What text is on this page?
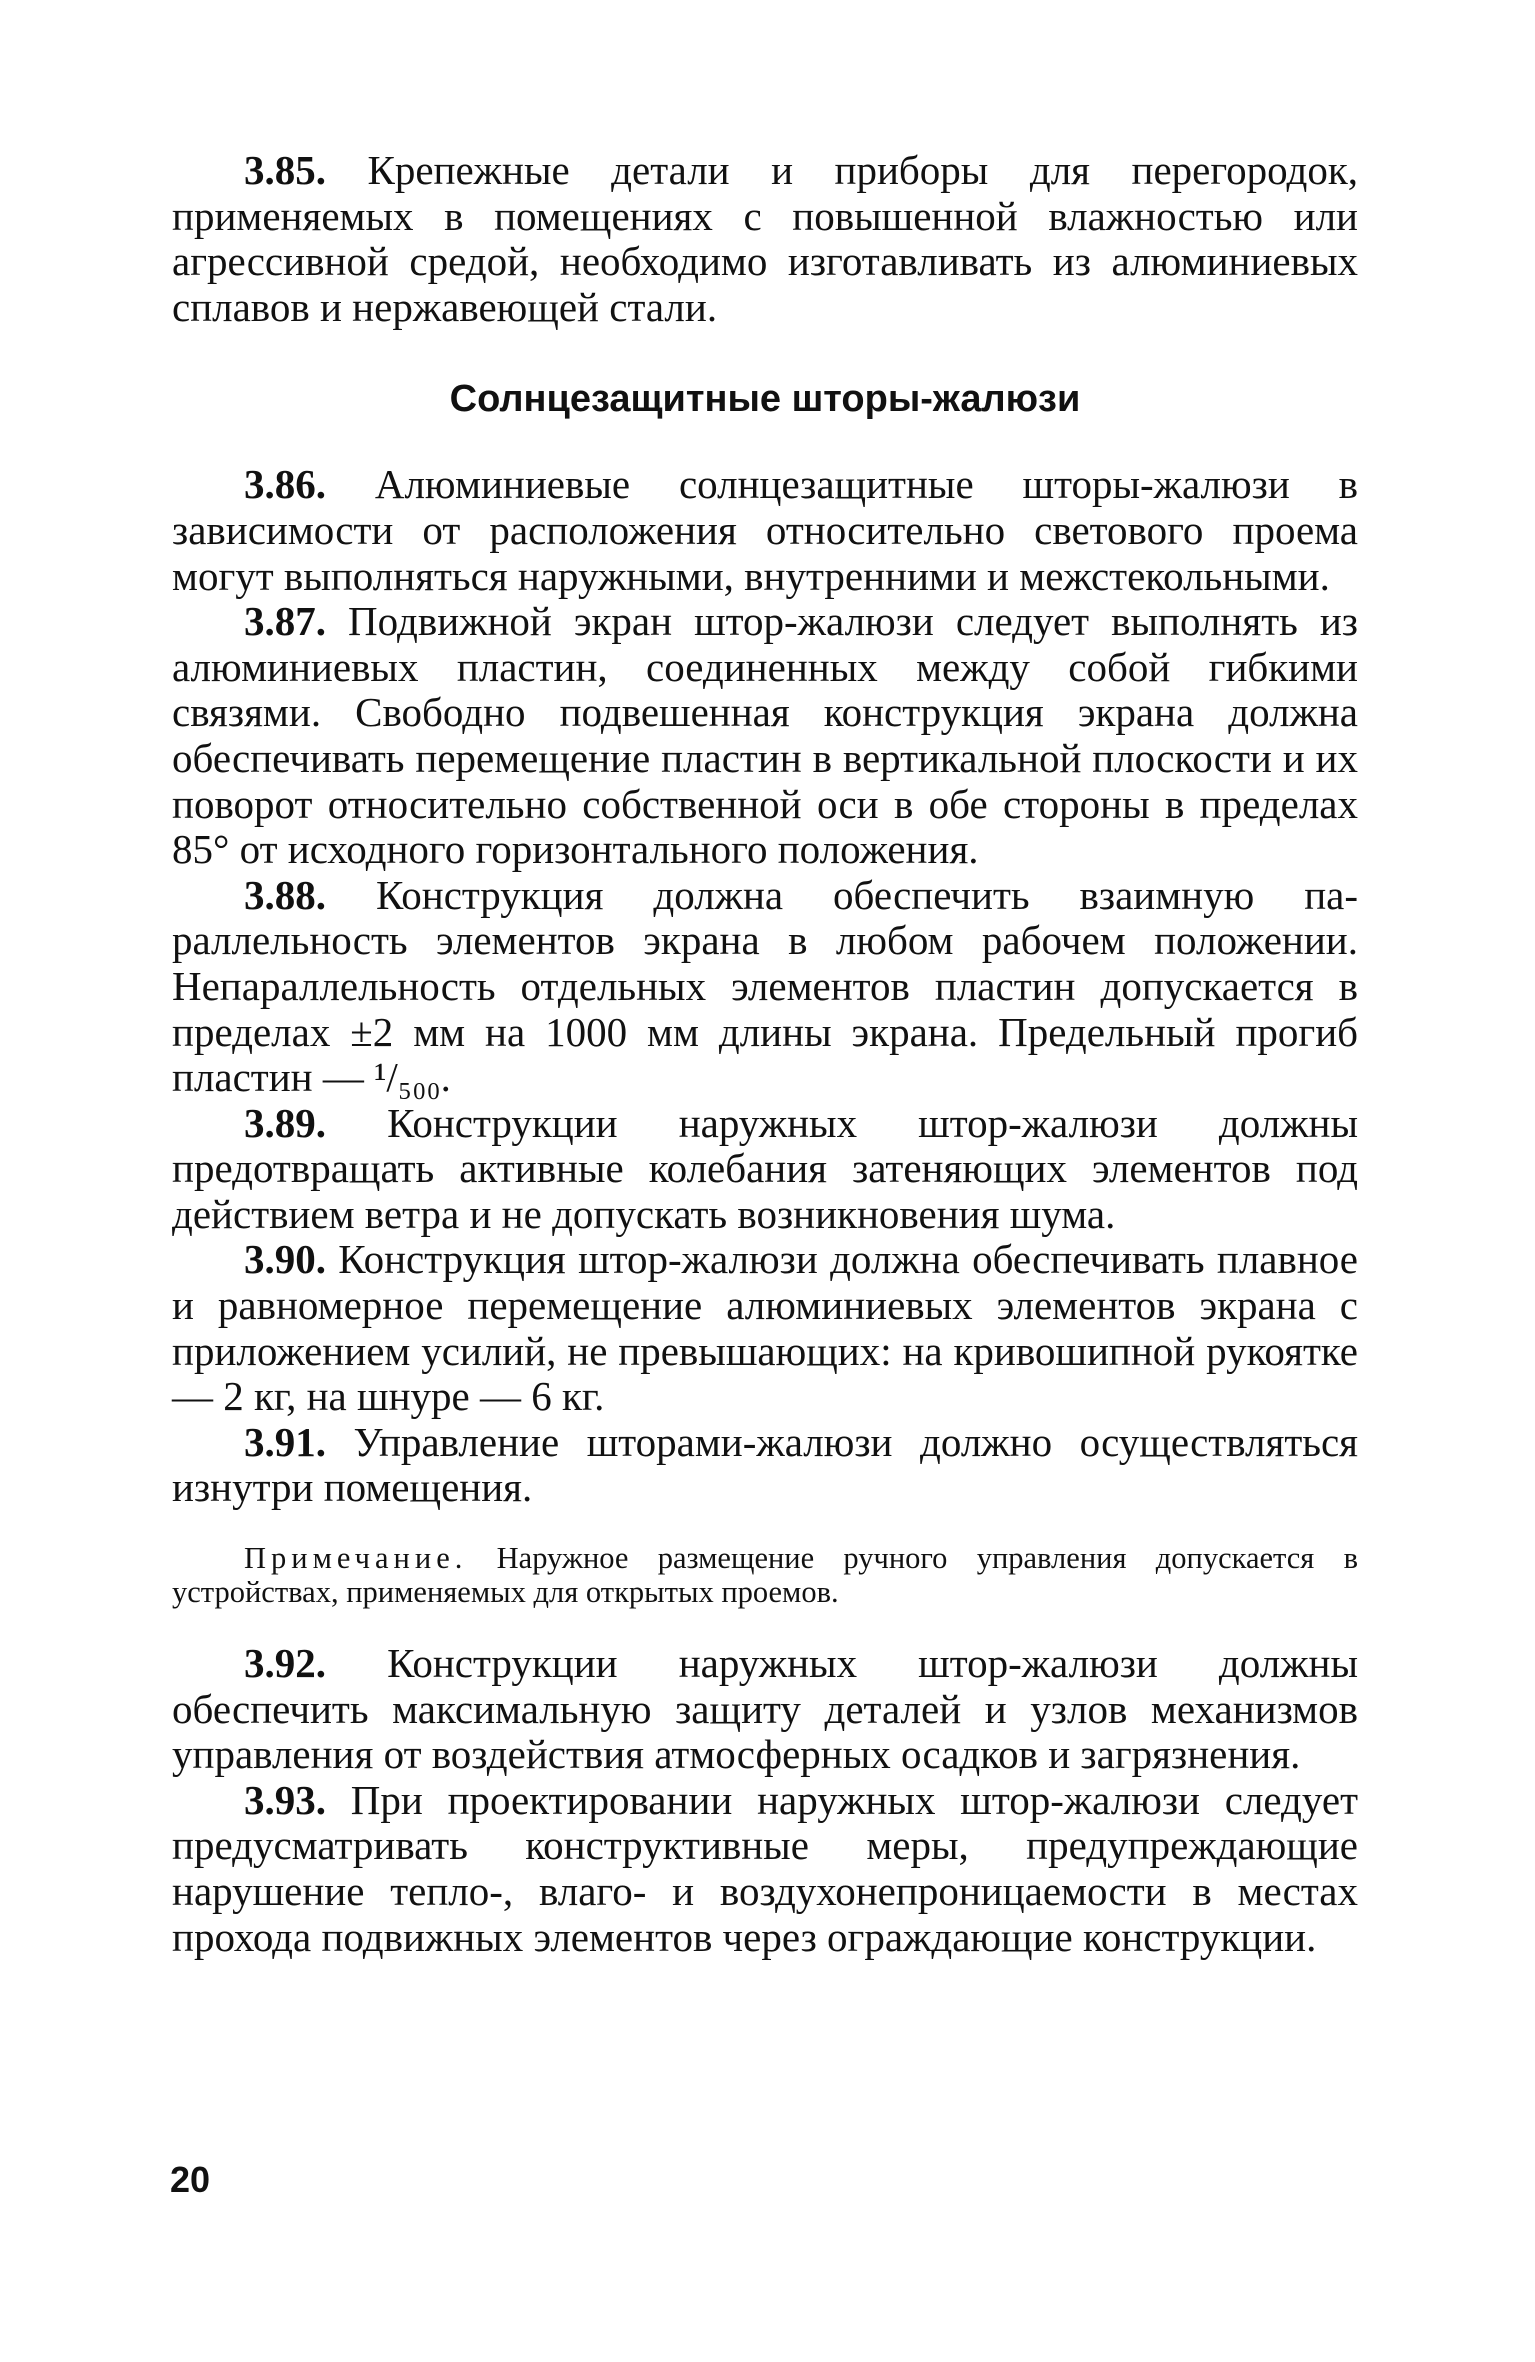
3.85. Крепежные детали и приборы для перегородок, применяемых в помещениях с повышенной влажностью или агрессивной средой, необходимо изготавливать из алюминиевых сплавов и нержавеющей стали.

Солнцезащитные шторы-жалюзи

3.86. Алюминиевые солнцезащитные шторы-жалюзи в зависимости от расположения относительно светового проема могут выполняться наружными, внутренними и межстекольными.

3.87. Подвижной экран штор-жалюзи следует выполнять из алюминиевых пластин, соединенных между собой гибкими связями. Свободно подвешенная конструкция экрана должна обеспечивать перемещение пластин в вертикальной плоскости и их поворот относительно собственной оси в обе стороны в пределах 85° от исходного горизонтального положения.

3.88. Конструкция должна обеспечить взаимную параллельность элементов экрана в любом рабочем положении. Непараллельность отдельных элементов пластин допускается в пределах ±2 мм на 1000 мм длины экрана. Предельный прогиб пластин — ¹/₅₀₀.

3.89. Конструкции наружных штор-жалюзи должны предотвращать активные колебания затеняющих элементов под действием ветра и не допускать возникновения шума.

3.90. Конструкция штор-жалюзи должна обеспечивать плавное и равномерное перемещение алюминиевых элементов экрана с приложением усилий, не превышающих: на кривошипной рукоятке — 2 кг, на шнуре — 6 кг.

3.91. Управление шторами-жалюзи должно осуществляться изнутри помещения.

Примечание. Наружное размещение ручного управления допускается в устройствах, применяемых для открытых проемов.

3.92. Конструкции наружных штор-жалюзи должны обеспечить максимальную защиту деталей и узлов механизмов управления от воздействия атмосферных осадков и загрязнения.

3.93. При проектировании наружных штор-жалюзи следует предусматривать конструктивные меры, предупреждающие нарушение тепло-, влаго- и воздухонепроницаемости в местах прохода подвижных элементов через ограждающие конструкции.

20
